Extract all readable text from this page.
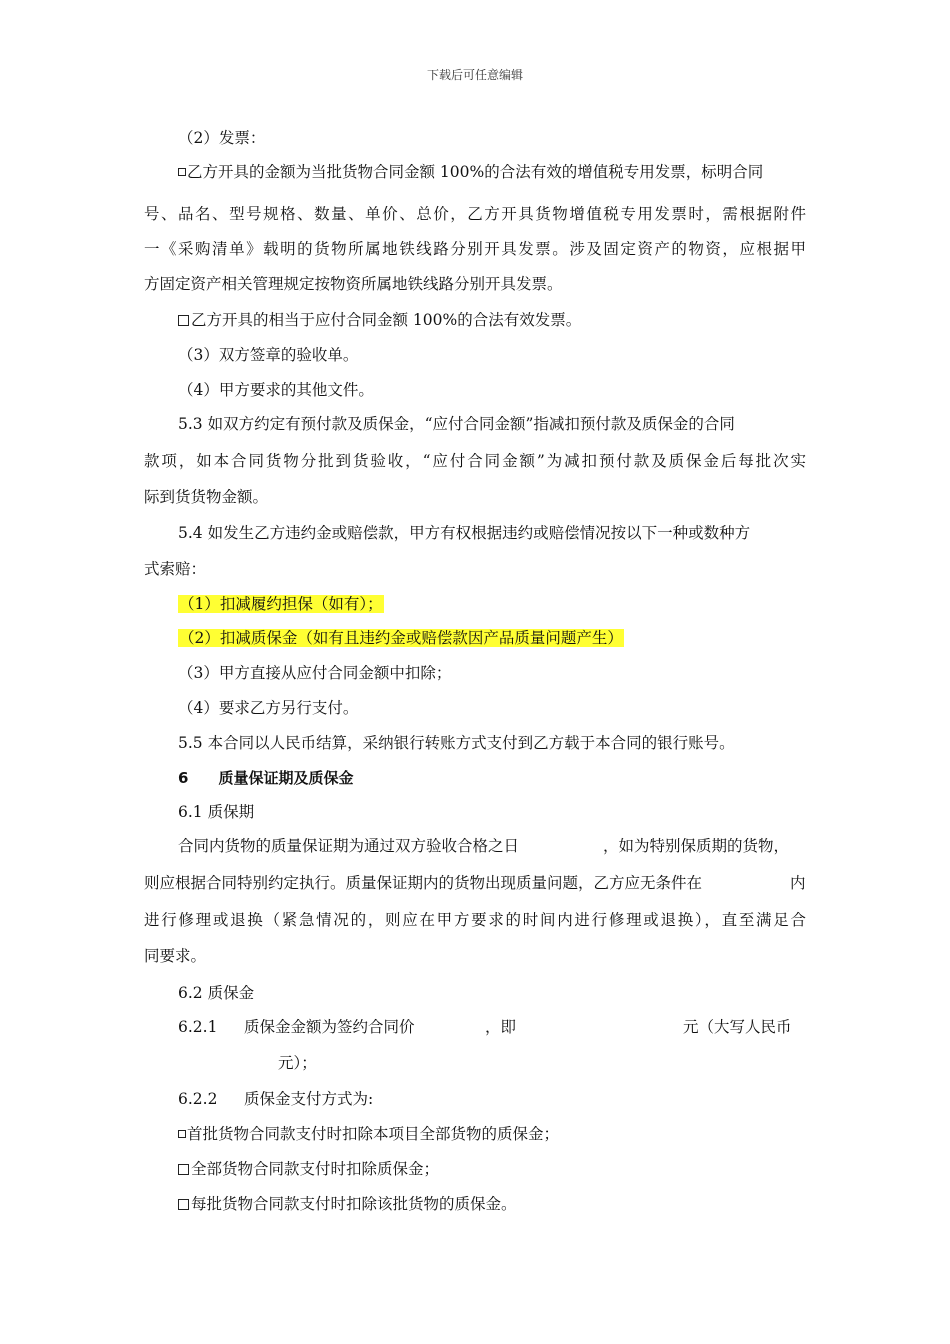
下载后可任意编辑
（2）发票：
乙方开具的金额为当批货物合同金额 100%的合法有效的增值税专用发票，标明合同
号、品名、型号规格、数量、单价、总价，乙方开具货物增值税专用发票时，需根据附件
一《采购清单》载明的货物所属地铁线路分别开具发票。涉及固定资产的物资，应根据甲
方固定资产相关管理规定按物资所属地铁线路分别开具发票。
乙方开具的相当于应付合同金额 100%的合法有效发票。
（3）双方签章的验收单。
（4）甲方要求的其他文件。
5.3 如双方约定有预付款及质保金，“应付合同金额”指减扣预付款及质保金的合同
款项，如本合同货物分批到货验收，“应付合同金额”为减扣预付款及质保金后每批次实
际到货货物金额。
5.4 如发生乙方违约金或赔偿款，甲方有权根据违约或赔偿情况按以下一种或数种方
式索赔：
（1）扣减履约担保（如有）；
（2）扣减质保金（如有且违约金或赔偿款因产品质量问题产生）
（3）甲方直接从应付合同金额中扣除；
（4）要求乙方另行支付。
5.5 本合同以人民币结算，采纳银行转账方式支付到乙方载于本合同的银行账号。
6 质量保证期及质保金
6.1 质保期
合同内货物的质量保证期为通过双方验收合格之日	，如为特别保质期的货物，
则应根据合同特别约定执行。质量保证期内的货物出现质量问题，乙方应无条件在	内
进行修理或退换（紧急情况的，则应在甲方要求的时间内进行修理或退换），直至满足合
同要求。
6.2 质保金
6.2.1 质保金金额为签约合同价	，即	元（大写人民币
元）；
6.2.2 质保金支付方式为:
首批货物合同款支付时扣除本项目全部货物的质保金；
全部货物合同款支付时扣除质保金；
每批货物合同款支付时扣除该批货物的质保金。
